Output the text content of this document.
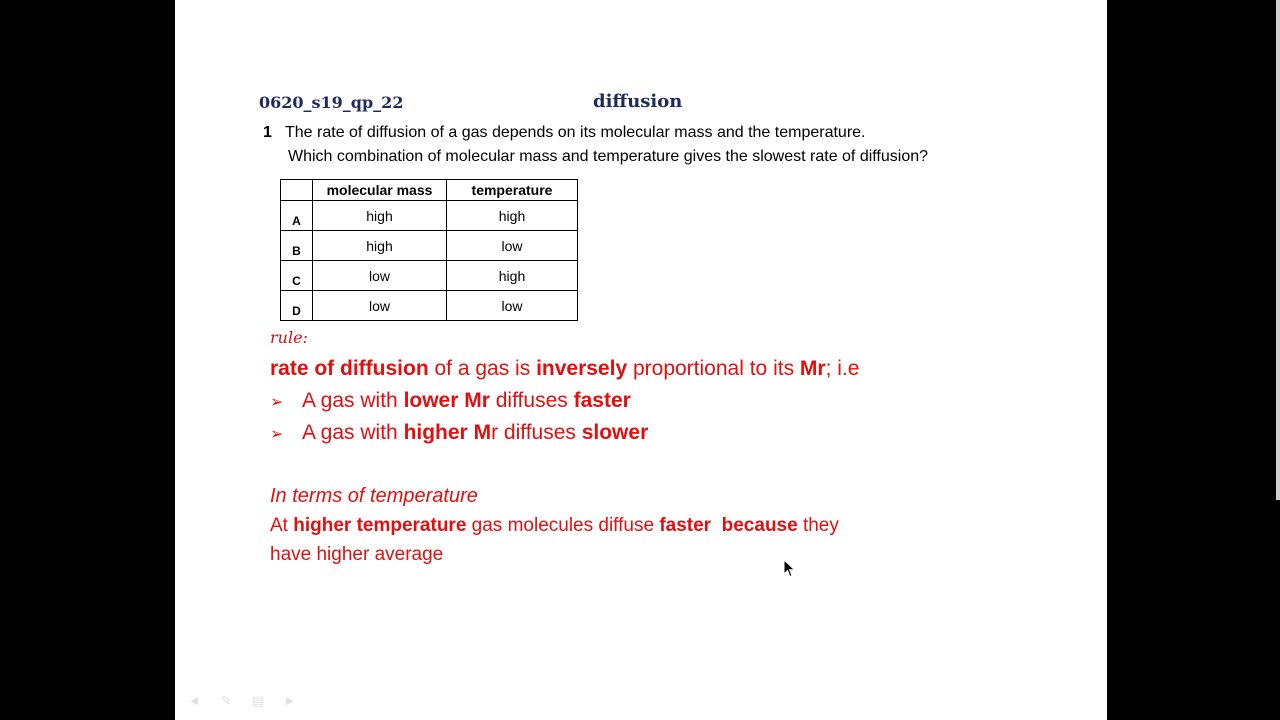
0620_s19_qp_22	diffusion
1 The rate of diffusion of a gas depends on its molecular mass and the temperature.
Which combination of molecular mass and temperature gives the slowest rate of diffusion?
	molecular mass	temperature
A	high	high
B	high	low
C	low	high
D	low	low
rule:
rate of diffusion of a gas is inversely proportional to its Mr; i.e
➢ A gas with lower Mr diffuses faster
➢ A gas with higher Mr diffuses slower
In terms of temperature
At higher temperature gas molecules diffuse faster  because they
have higher average
◄ ✎ ▤ ►
